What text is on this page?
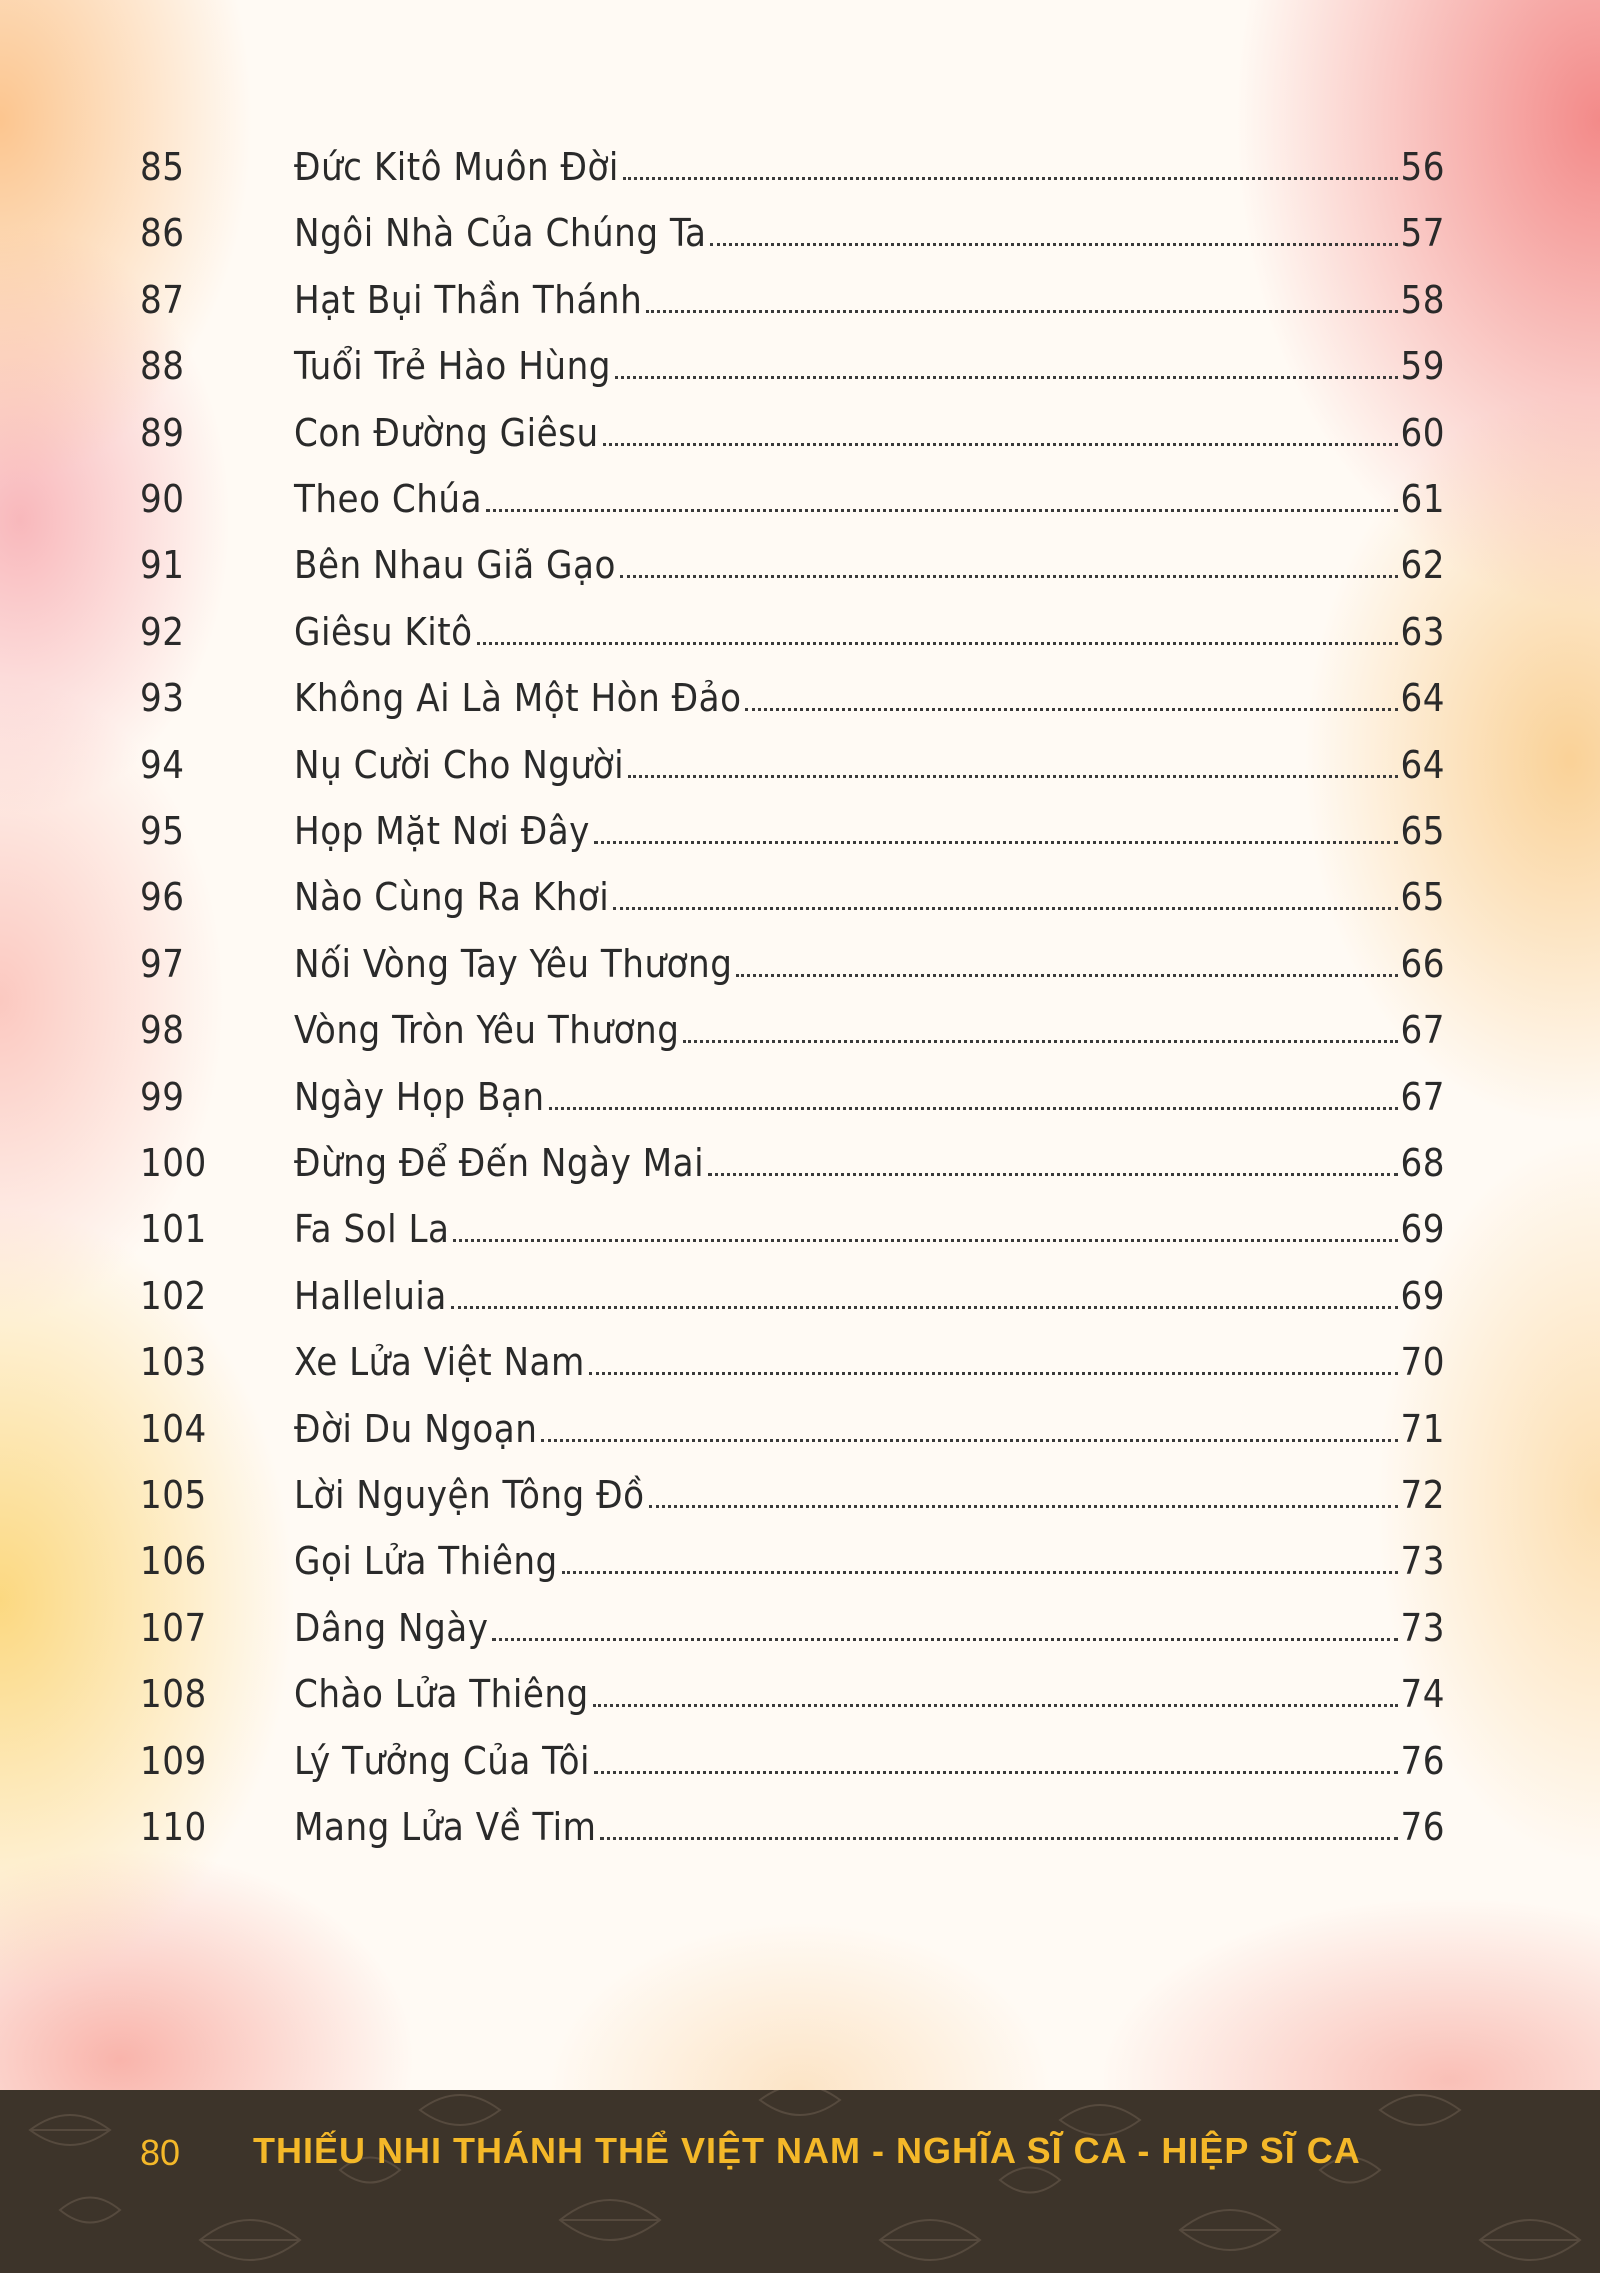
85	Đức Kitô Muôn Đời	56
86	Ngôi Nhà Của Chúng Ta	57
87	Hạt Bụi Thần Thánh	58
88	Tuổi Trẻ Hào Hùng	59
89	Con Đường Giêsu	60
90	Theo Chúa	61
91	Bên Nhau Giã Gạo	62
92	Giêsu Kitô	63
93	Không Ai Là Một Hòn Đảo	64
94	Nụ Cười Cho Người	64
95	Họp Mặt Nơi Đây	65
96	Nào Cùng Ra Khơi	65
97	Nối Vòng Tay Yêu Thương	66
98	Vòng Tròn Yêu Thương	67
99	Ngày Họp Bạn	67
100	Đừng Để Đến Ngày Mai	68
101	Fa Sol La	69
102	Halleluia	69
103	Xe Lửa Việt Nam	70
104	Đời Du Ngoạn	71
105	Lời Nguyện Tông Đồ	72
106	Gọi Lửa Thiêng	73
107	Dâng Ngày	73
108	Chào Lửa Thiêng	74
109	Lý Tưởng Của Tôi	76
110	Mang Lửa Về Tim	76
80 THIẾU NHI THÁNH THỂ VIỆT NAM - NGHĨA SĨ CA - HIỆP SĨ CA
